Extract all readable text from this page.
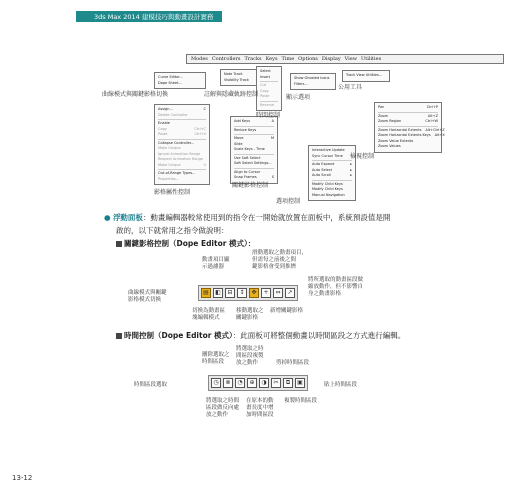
3ds Max 2014 建模技巧與動畫設計實務
Modes Controllers Tracks Keys Time Options Display View Utilities
Curve Editor...
Dope Sheet...
Note Track
Visibility Track
Select
Insert
Cut
Copy
Paste
Reverse
Show Ghosted Icons
Filters...
Track View Utilities...
Assign...	C
Delete Controller
Enable
Copy	Ctrl+C
Paste	Ctrl+V
Collapse Controller...
Make Unique
Ignore Animation Range
Respect Animation Range
Make Unique	U
Out-of-Range Types...
Properties...
Add Keys	A
Reduce Keys
Move	M
Slide
Scale Keys - Time
Use Soft Select
Soft Select Settings...
Align to Cursor
Snap Frames	S
Interactive Update
Sync Cursor Time
Auto Expand	▸
Auto Select	▸
Auto Scroll	▸
Modify Child Keys
Modify Child Keys
Manual Navigation
Pan	Ctrl+P
Zoom	Alt+Z
Zoom Region	Ctrl+W
Zoom Horizontal Extents Alt+Ctrl+Z
Zoom Horizontal Extents Keys Alt+X
Zoom Value Extents
Zoom Values
曲線模式與關鍵影格切換	註解與隱藏軌跡控制
時間控制
顯示選項
公用工具
影格屬性控制
關鍵影格控制
選項控制
檢視控制
● 浮動面板：動畫編輯器較常使用到的指令在一開始就放置在面板中，系統預設值是開
啟的，以下就常用之指令做說明：
關鍵影格控制（Dope Editor 模式）：
動畫項目顯
示過濾器
滑動選取之動畫項目，
但需每之前後之間
鍵影格會受到推擠
將所選取的動畫區段做
縮放動作，但不影響自
身之動畫影格
曲線模式與關鍵
影格模式切換
▤	◧	⊟	↕	✥	+	⇔	↗
切換為動畫區
塊編輯模式
移動選取之
關鍵影格
新增關鍵影格
時間控制（Dope Editor 模式）：此面板可將整個動畫以時間區段之方式進行編輯。
刪除選取之
時間區段
將選取之時
間區段複製
放之動作	剪掉時間區段
時間區段選取	貼上時間區段
◷	⊗	◔	⊕	◑	✂	⧉	▣
將選取之時間
區段做反向處
放之動作
在原本的動
畫長度中增
加時間區段
複製時間區段
13-12
